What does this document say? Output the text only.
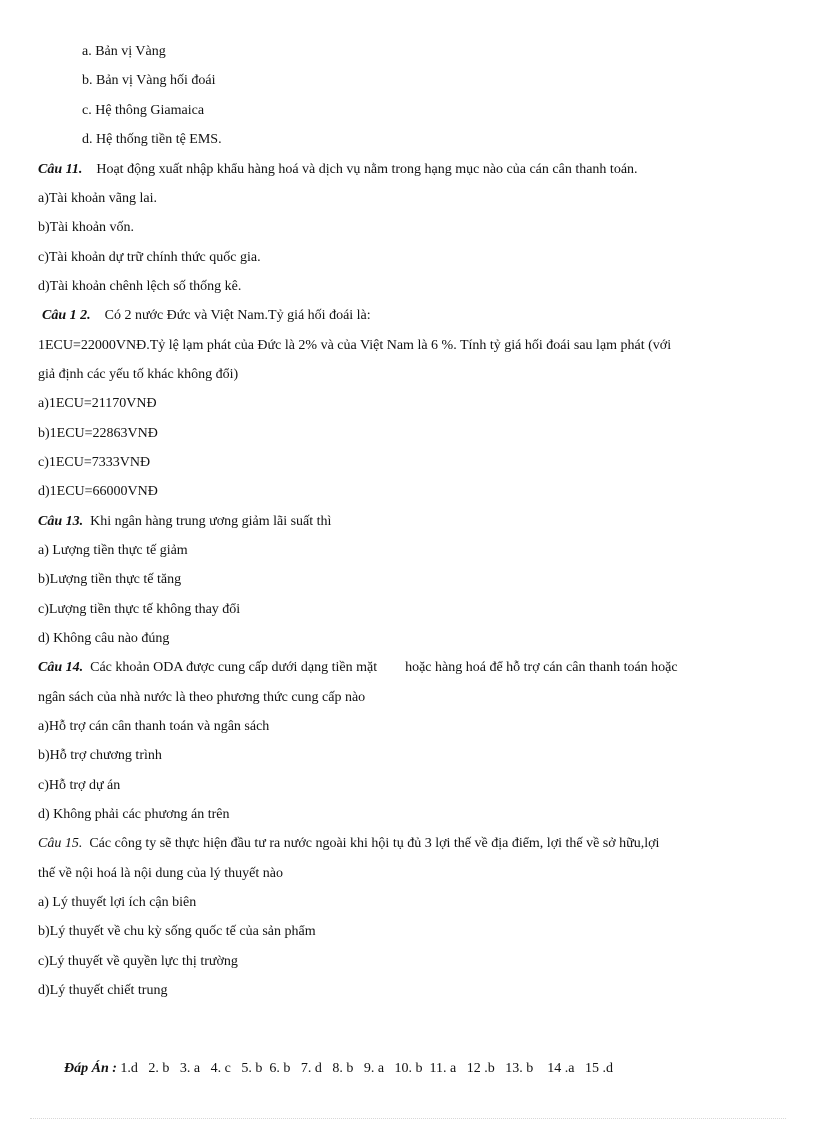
a. Bản vị Vàng
b. Bản vị Vàng hối đoái
c. Hệ thông Giamaica
d. Hệ thống tiền tệ EMS.
Câu 11. Hoạt động xuất nhập khẩu hàng hoá và dịch vụ nằm trong hạng mục nào của cán cân thanh toán.
a)Tài khoản vãng lai.
b)Tài khoản vốn.
c)Tài khoản dự trữ chính thức quốc gia.
d)Tài khoản chênh lệch số thống kê.
Câu 1 2. Có 2 nước Đức và Việt Nam.Tỷ giá hối đoái là:
1ECU=22000VNĐ.Tỷ lệ lạm phát của Đức là 2% và của Việt Nam là 6 %. Tính tỷ giá hối đoái sau lạm phát (với
giả định các yếu tố khác không đổi)
a)1ECU=21170VNĐ
b)1ECU=22863VNĐ
c)1ECU=7333VNĐ
d)1ECU=66000VNĐ
Câu 13. Khi ngân hàng trung ương giảm lãi suất thì
a) Lượng tiền thực tế giảm
b)Lượng tiền thực tế tăng
c)Lượng tiền thực tế không thay đổi
d) Không câu nào đúng
Câu 14. Các khoản ODA được cung cấp dưới dạng tiền mặt        hoặc hàng hoá để hỗ trợ cán cân thanh toán hoặc
ngân sách của nhà nước là theo phương thức cung cấp nào
a)Hỗ trợ cán cân thanh toán và ngân sách
b)Hỗ trợ chương trình
c)Hỗ trợ dự án
d) Không phải các phương án trên
Câu 15. Các công ty sẽ thực hiện đầu tư ra nước ngoài khi hội tụ đủ 3 lợi thế về địa điểm, lợi thế về sở hữu,lợi
thế về nội hoá là nội dung của lý thuyết nào
a) Lý thuyết lợi ích cận biên
b)Lý thuyết về chu kỳ sống quốc tế của sản phẩm
c)Lý thuyết về quyền lực thị trường
d)Lý thuyết chiết trung
Đáp Án : 1.d   2. b   3. a   4. c   5. b  6. b   7. d   8. b   9. a   10. b  11. a   12 .b   13. b    14 .a   15 .d
